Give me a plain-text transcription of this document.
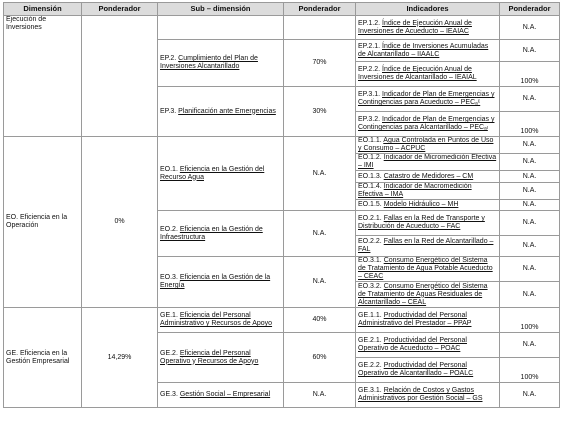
Dimensión	Ponderador	Sub – dimensión	Ponderador	Indicadores	Ponderador
Ejecución de Inversiones				EP.1.2. Índice de Ejecución Anual de Inversiones de Acueducto – IEAIAC	N.A.
		EP.2. Cumplimiento del Plan de Inversiones Alcantarillado	70%	EP.2.1. Índice de Inversiones Acumuladas de Alcantarillado – IIAALC	N.A.
				EP.2.2. Índice de Ejecución Anual de Inversiones de Alcantarillado – IEAIAL	100%
		EP.3. Planificación ante Emergencias	30%	EP.3.1. Indicador de Plan de Emergencias y Contingencias para Acueducto – PECₐᶜ	N.A.
				EP.3.2. Indicador de Plan de Emergencias y Contingencias para Alcantarillado – PECₐₗ	100%
EO. Eficiencia en la Operación	0%	EO.1. Eficiencia en la Gestión del Recurso Agua	N.A.	EO.1.1. Agua Controlada en Puntos de Uso y Consumo – ACPUC	N.A.
				EO.1.2. Indicador de Micromedición Efectiva – IMI	N.A.
				EO.1.3. Catastro de Medidores – CM	N.A.
				EO.1.4. Indicador de Macromedición Efectiva – IMA	N.A.
				EO.1.5. Modelo Hidráulico – MH	N.A.
		EO.2. Eficiencia en la Gestión de Infraestructura	N.A.	EO.2.1. Fallas en la Red de Transporte y Distribución de Acueducto – FAC	N.A.
				EO.2.2. Fallas en la Red de Alcantarillado – FAL	N.A.
		EO.3. Eficiencia en la Gestión de la Energía	N.A.	EO.3.1. Consumo Energético del Sistema de Tratamiento de Agua Potable Acueducto – CEAC	N.A.
				EO.3.2. Consumo Energético del Sistema de Tratamiento de Aguas Residuales de Alcantarillado – CEAL	N.A.
GE. Eficiencia en la Gestión Empresarial	14,29%	GE.1. Eficiencia del Personal Administrativo y Recursos de Apoyo	40%	GE.1.1. Productividad del Personal Administrativo del Prestador – PPAP	100%
		GE.2. Eficiencia del Personal Operativo y Recursos de Apoyo	60%	GE.2.1. Productividad del Personal Operativo de Acueducto – POAC	N.A.
				GE.2.2. Productividad del Personal Operativo de Alcantarillado – POALC	100%
		GE.3. Gestión Social – Empresarial	N.A.	GE.3.1. Relación de Costos y Gastos Administrativos por Gestión Social – GS	N.A.
